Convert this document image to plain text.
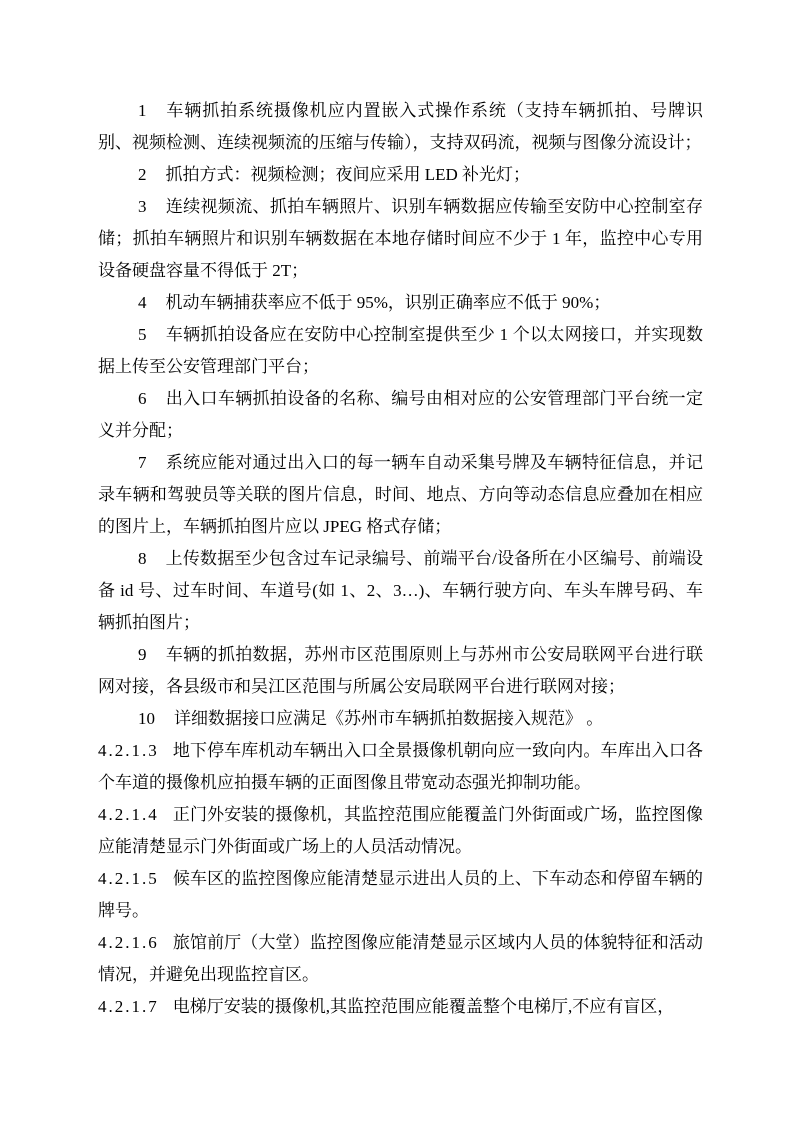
1 车辆抓拍系统摄像机应内置嵌入式操作系统（支持车辆抓拍、号牌识别、视频检测、连续视频流的压缩与传输），支持双码流，视频与图像分流设计；

2 抓拍方式：视频检测；夜间应采用 LED 补光灯；

3 连续视频流、抓拍车辆照片、识别车辆数据应传输至安防中心控制室存储；抓拍车辆照片和识别车辆数据在本地存储时间应不少于 1 年，监控中心专用设备硬盘容量不得低于 2T；

4 机动车辆捕获率应不低于 95%，识别正确率应不低于 90%；

5 车辆抓拍设备应在安防中心控制室提供至少 1 个以太网接口，并实现数据上传至公安管理部门平台；

6 出入口车辆抓拍设备的名称、编号由相对应的公安管理部门平台统一定义并分配；

7 系统应能对通过出入口的每一辆车自动采集号牌及车辆特征信息，并记录车辆和驾驶员等关联的图片信息，时间、地点、方向等动态信息应叠加在相应的图片上，车辆抓拍图片应以 JPEG 格式存储；

8 上传数据至少包含过车记录编号、前端平台/设备所在小区编号、前端设备 id 号、过车时间、车道号(如 1、2、3…)、车辆行驶方向、车头车牌号码、车辆抓拍图片；

9 车辆的抓拍数据，苏州市区范围原则上与苏州市公安局联网平台进行联网对接，各县级市和吴江区范围与所属公安局联网平台进行联网对接；

10 详细数据接口应满足《苏州市车辆抓拍数据接入规范》 。

4.2.1.3 地下停车库机动车辆出入口全景摄像机朝向应一致向内。车库出入口各个车道的摄像机应拍摄车辆的正面图像且带宽动态强光抑制功能。

4.2.1.4 正门外安装的摄像机，其监控范围应能覆盖门外街面或广场，监控图像应能清楚显示门外街面或广场上的人员活动情况。

4.2.1.5 候车区的监控图像应能清楚显示进出人员的上、下车动态和停留车辆的牌号。

4.2.1.6 旅馆前厅（大堂）监控图像应能清楚显示区域内人员的体貌特征和活动情况，并避免出现监控盲区。

4.2.1.7 电梯厅安装的摄像机,其监控范围应能覆盖整个电梯厅,不应有盲区，
